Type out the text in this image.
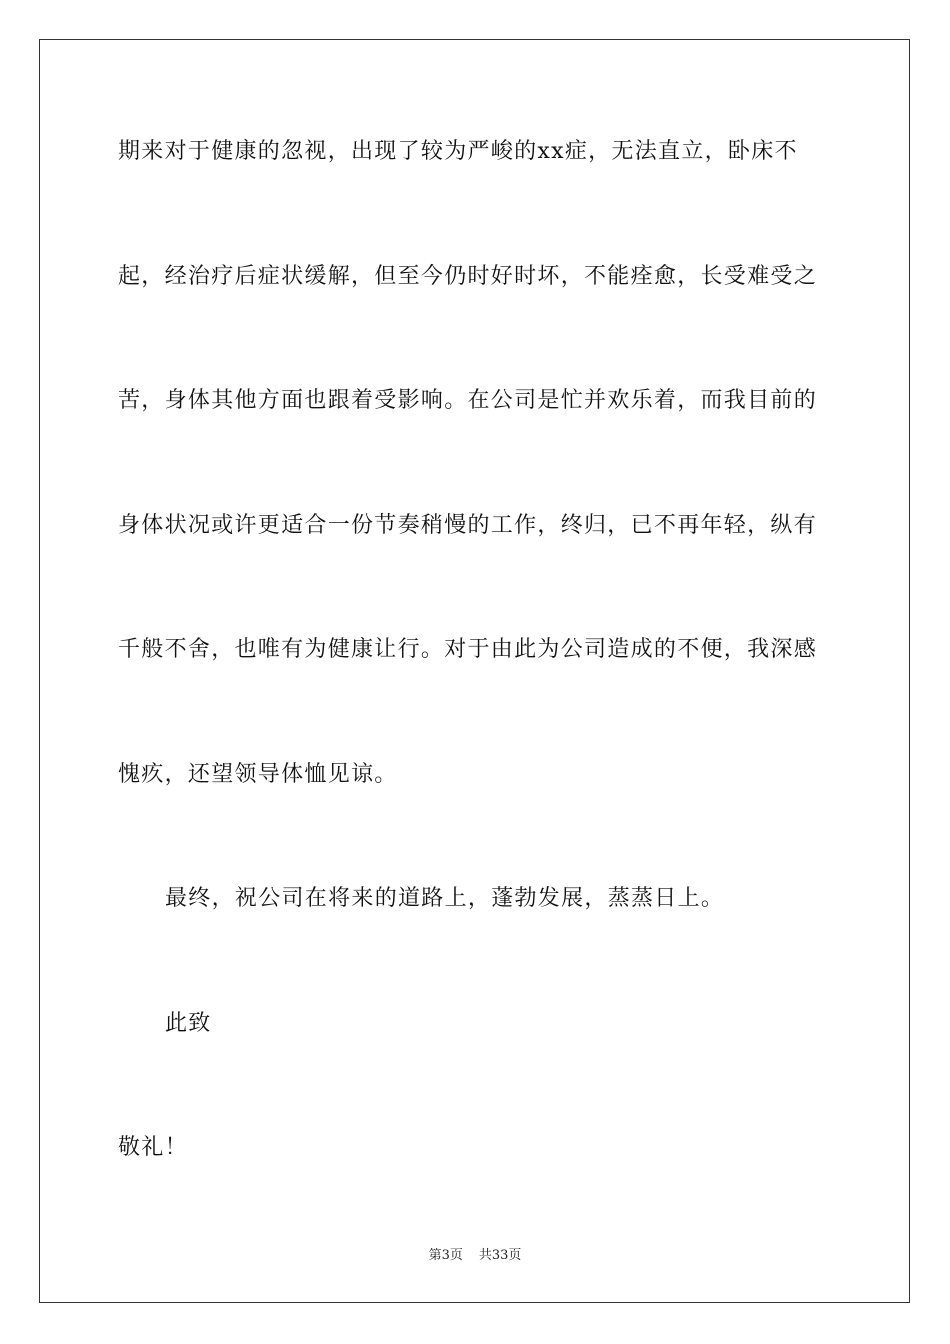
期来对于健康的忽视，出现了较为严峻的xx症，无法直立，卧床不
起，经治疗后症状缓解，但至今仍时好时坏，不能痊愈，长受难受之
苦，身体其他方面也跟着受影响。在公司是忙并欢乐着，而我目前的
身体状况或许更适合一份节奏稍慢的工作，终归，已不再年轻，纵有
千般不舍，也唯有为健康让行。对于由此为公司造成的不便，我深感
愧疚，还望领导体恤见谅。
最终，祝公司在将来的道路上，蓬勃发展，蒸蒸日上。
此致
敬礼！
第3页 共33页
